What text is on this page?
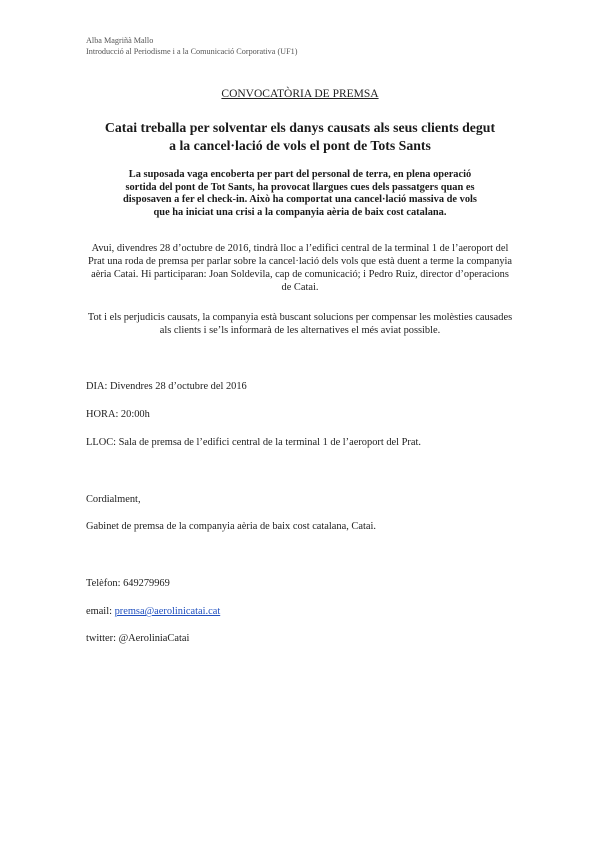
Alba Magriñà Mallo
Introducció al Periodisme i a la Comunicació Corporativa (UF1)
CONVOCATÒRIA DE PREMSA
Catai treballa per solventar els danys causats als seus clients degut a la cancel·lació de vols el pont de Tots Sants
La suposada vaga encoberta per part del personal de terra, en plena operació sortida del pont de Tot Sants, ha provocat llargues cues dels passatgers quan es disposaven a fer el check-in. Això ha comportat una cancel·lació massiva de vols que ha iniciat una crisi a la companyia aèria de baix cost catalana.
Avui, divendres 28 d’octubre de 2016, tindrà lloc a l’edifici central de la terminal 1 de l’aeroport del Prat una roda de premsa per parlar sobre la cancel·lació dels vols que està duent a terme la companyia aèria Catai. Hi participaran: Joan Soldevila, cap de comunicació; i Pedro Ruiz, director d’operacions de Catai.
Tot i els perjudicis causats, la companyia està buscant solucions per compensar les molèsties causades als clients i se’ls informarà de les alternatives el més aviat possible.
DIA: Divendres 28 d’octubre del 2016
HORA: 20:00h
LLOC: Sala de premsa de l’edifici central de la terminal 1 de l’aeroport del Prat.
Cordialment,
Gabinet de premsa de la companyia aèria de baix cost catalana, Catai.
Telèfon: 649279969
email: premsa@aerolinicatai.cat
twitter: @AeroliniaCatai
